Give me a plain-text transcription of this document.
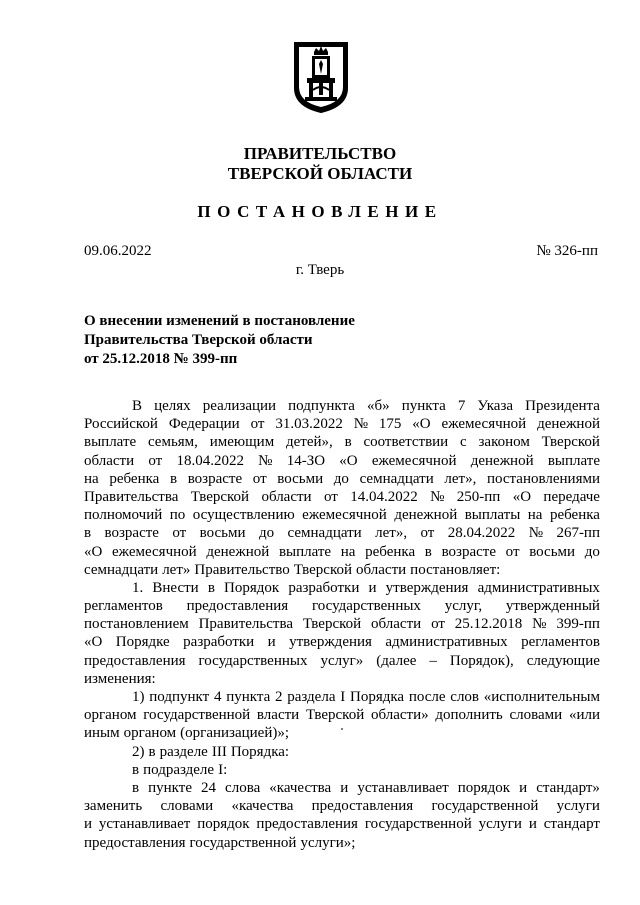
ПРАВИТЕЛЬСТВО
ТВЕРСКОЙ ОБЛАСТИ
ПОСТАНОВЛЕНИЕ
09.06.2022	№ 326-пп
г. Тверь
О внесении изменений в постановление
Правительства Тверской области
от 25.12.2018 № 399-пп
В целях реализации подпункта «б» пункта 7 Указа Президента
Российской Федерации от 31.03.2022 № 175 «О ежемесячной денежной
выплате семьям, имеющим детей», в соответствии с законом Тверской
области от 18.04.2022 № 14-ЗО «О ежемесячной денежной выплате
на ребенка в возрасте от восьми до семнадцати лет», постановлениями
Правительства Тверской области от 14.04.2022 № 250-пп «О передаче
полномочий по осуществлению ежемесячной денежной выплаты на ребенка
в возрасте от восьми до семнадцати лет», от 28.04.2022 № 267-пп
«О ежемесячной денежной выплате на ребенка в возрасте от восьми до
семнадцати лет» Правительство Тверской области постановляет:
1. Внести в Порядок разработки и утверждения административных
регламентов предоставления государственных услуг, утвержденный
постановлением Правительства Тверской области от 25.12.2018 № 399-пп
«О Порядке разработки и утверждения административных регламентов
предоставления государственных услуг» (далее – Порядок), следующие
изменения:
1) подпункт 4 пункта 2 раздела I Порядка после слов «исполнительным
органом государственной власти Тверской области» дополнить словами «или
иным органом (организацией)»;
2) в разделе III Порядка:
в подразделе I:
в пункте 24 слова «качества и устанавливает порядок и стандарт»
заменить словами «качества предоставления государственной услуги
и устанавливает порядок предоставления государственной услуги и стандарт
предоставления государственной услуги»;
